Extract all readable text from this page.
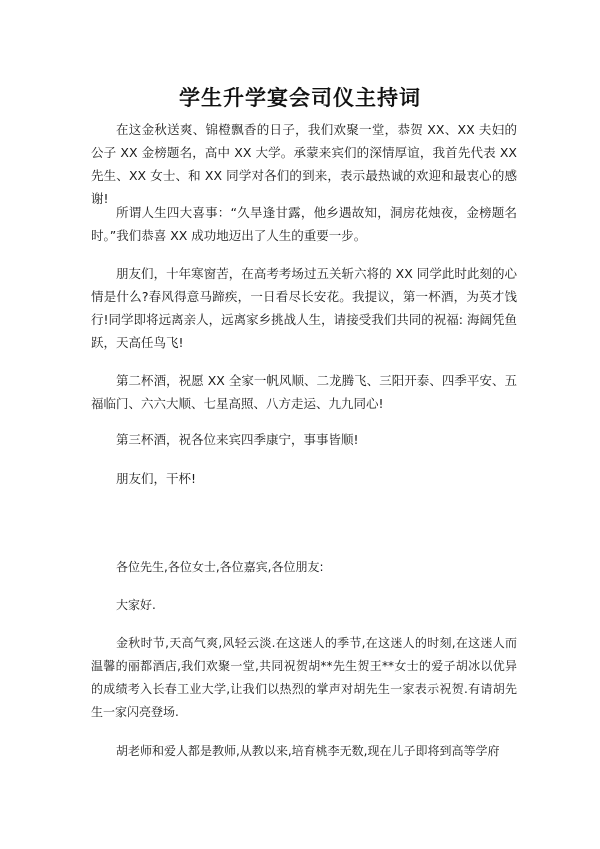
学生升学宴会司仪主持词

在这金秋送爽、锦橙飘香的日子，我们欢聚一堂，恭贺 XX、XX 夫妇的公子 XX 金榜题名，高中 XX 大学。承蒙来宾们的深情厚谊，我首先代表 XX 先生、XX 女士、和 XX 同学对各们的到来，表示最热诚的欢迎和最衷心的感谢!

所谓人生四大喜事：“久旱逢甘露，他乡遇故知，洞房花烛夜，金榜题名时。”我们恭喜 XX 成功地迈出了人生的重要一步。

朋友们，十年寒窗苦，在高考考场过五关斩六将的 XX 同学此时此刻的心情是什么?春风得意马蹄疾，一日看尽长安花。我提议，第一杯酒，为英才饯行!同学即将远离亲人，远离家乡挑战人生，请接受我们共同的祝福: 海阔凭鱼跃，天高任鸟飞!

第二杯酒，祝愿 XX 全家一帆风顺、二龙腾飞、三阳开泰、四季平安、五福临门、六六大顺、七星高照、八方走运、九九同心!

第三杯酒，祝各位来宾四季康宁，事事皆顺!

朋友们，干杯!

各位先生,各位女士,各位嘉宾,各位朋友:

大家好.

金秋时节,天高气爽,风轻云淡.在这迷人的季节,在这迷人的时刻,在这迷人而温馨的丽都酒店,我们欢聚一堂,共同祝贺胡**先生贺王**女士的爱子胡冰以优异的成绩考入长春工业大学,让我们以热烈的掌声对胡先生一家表示祝贺.有请胡先生一家闪亮登场.

胡老师和爱人都是教师,从教以来,培育桃李无数,现在儿子即将到高等学府
